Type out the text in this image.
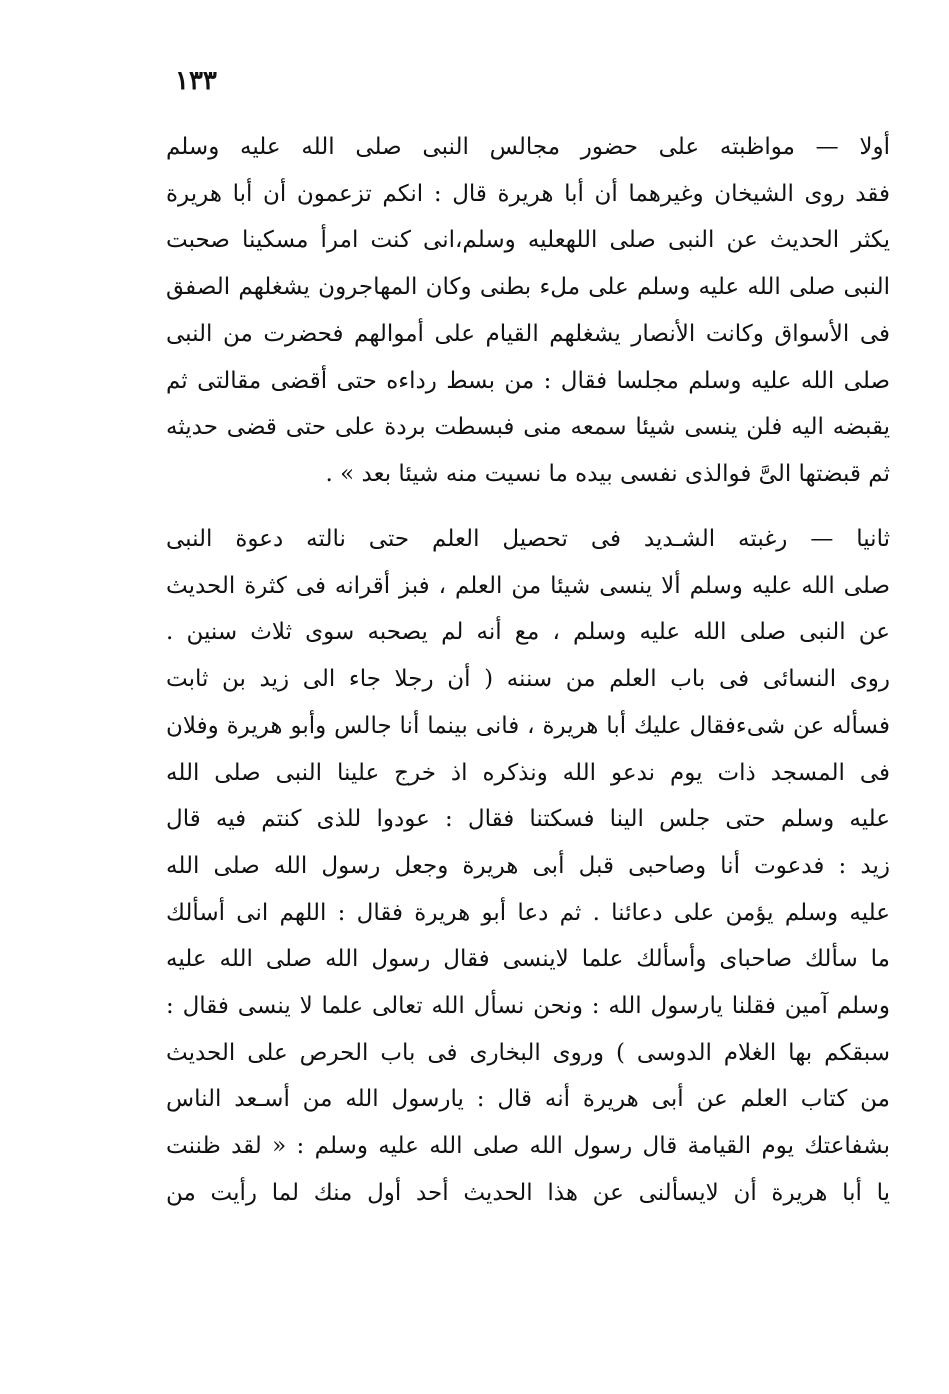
١٣٣
أولا — مواظبته على حضور مجالس النبى صلى الله عليه وسلم
فقد روى الشيخان وغيرهما أن أبا هريرة قال : انكم تزعمون أن أبا هريرة
يكثر الحديث عن النبى صلى اللهعليه وسلم،انى كنت امرأ مسكينا صحبت
النبى صلى الله عليه وسلم على ملء بطنى وكان المهاجرون يشغلهم الصفق
فى الأسواق وكانت الأنصار يشغلهم القيام على أموالهم فحضرت من النبى
صلى الله عليه وسلم مجلسا فقال : من بسط رداءه حتى أقضى مقالتى ثم
يقبضه اليه فلن ينسى شيئا سمعه منى فبسطت بردة على حتى قضى حديثه
ثم قبضتها الىَّ فوالذى نفسى بيده ما نسيت منه شيئا بعد » .
ثانيا — رغبته الشـديد فى تحصيل العلم حتى نالته دعوة النبى
صلى الله عليه وسلم ألا ينسى شيئا من العلم ، فبز أقرانه فى كثرة الحديث
عن النبى صلى الله عليه وسلم ، مع أنه لم يصحبه سوى ثلاث سنين .
روى النسائى فى باب العلم من سننه ( أن رجلا جاء الى زيد بن ثابت
فسأله عن شىءفقال عليك أبا هريرة ، فانى بينما أنا جالس وأبو هريرة وفلان
فى المسجد ذات يوم ندعو الله ونذكره اذ خرج علينا النبى صلى الله
عليه وسلم حتى جلس الينا فسكتنا فقال : عودوا للذى كنتم فيه قال
زيد : فدعوت أنا وصاحبى قبل أبى هريرة وجعل رسول الله صلى الله
عليه وسلم يؤمن على دعائنا . ثم دعا أبو هريرة فقال : اللهم انى أسألك
ما سألك صاحباى وأسألك علما لاينسى فقال رسول الله صلى الله عليه
وسلم آمين فقلنا يارسول الله : ونحن نسأل الله تعالى علما لا ينسى فقال :
سبقكم بها الغلام الدوسى ) وروى البخارى فى باب الحرص على الحديث
من كتاب العلم عن أبى هريرة أنه قال : يارسول الله من أسـعد الناس
بشفاعتك يوم القيامة قال رسول الله صلى الله عليه وسلم : « لقد ظننت
يا أبا هريرة أن لايسألنى عن هذا الحديث أحد أول منك لما رأيت من
